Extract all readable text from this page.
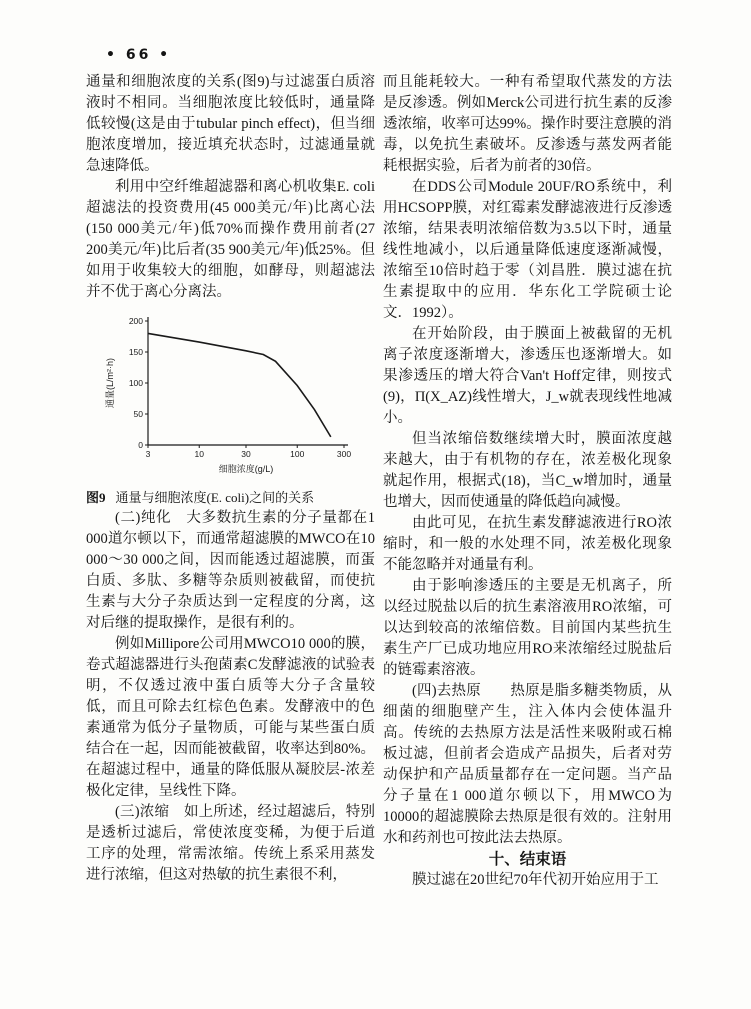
• 66 •

通量和细胞浓度的关系(图9)与过滤蛋白质溶液时不相同。当细胞浓度比较低时，通量降低较慢(这是由于tubular pinch effect)，但当细胞浓度增加，接近填充状态时，过滤通量就急速降低。

利用中空纤维超滤器和离心机收集E. coli超滤法的投资费用(45 000美元/年)比离心法(150 000美元/年)低70%而操作费用前者(27 200美元/年)比后者(35 900美元/年)低25%。但如用于收集较大的细胞，如酵母，则超滤法并不优于离心分离法。

0
50
100
150
200
3	10	30	100	300
通量(L/m²·h)
细胞浓度(g/L)

图9 通量与细胞浓度(E. coli)之间的关系

(二)纯化　大多数抗生素的分子量都在1 000道尔顿以下，而通常超滤膜的MWCO在10 000～30 000之间，因而能透过超滤膜，而蛋白质、多肽、多糖等杂质则被截留，而使抗生素与大分子杂质达到一定程度的分离，这对后继的提取操作，是很有利的。

例如Millipore公司用MWCO10 000的膜，卷式超滤器进行头孢菌素C发酵滤液的试验表明，不仅透过液中蛋白质等大分子含量较低，而且可除去红棕色色素。发酵液中的色素通常为低分子量物质，可能与某些蛋白质结合在一起，因而能被截留，收率达到80%。在超滤过程中，通量的降低服从凝胶层-浓差极化定律，呈线性下降。

(三)浓缩　如上所述，经过超滤后，特别是透析过滤后，常使浓度变稀，为便于后道工序的处理，常需浓缩。传统上系采用蒸发进行浓缩，但这对热敏的抗生素很不利，

而且能耗较大。一种有希望取代蒸发的方法是反渗透。例如Merck公司进行抗生素的反渗透浓缩，收率可达99%。操作时要注意膜的消毒，以免抗生素破坏。反渗透与蒸发两者能耗根据实验，后者为前者的30倍。

在DDS公司Module 20UF/RO系统中，利用HCSOPP膜，对红霉素发酵滤液进行反渗透浓缩，结果表明浓缩倍数为3.5以下时，通量线性地减小，以后通量降低速度逐渐减慢，浓缩至10倍时趋于零（刘昌胜．膜过滤在抗生素提取中的应用．华东化工学院硕士论文．1992）。

在开始阶段，由于膜面上被截留的无机离子浓度逐渐增大，渗透压也逐渐增大。如果渗透压的增大符合Van't Hoff定律，则按式(9)，Π(X_AZ)线性增大，J_w就表现线性地减小。

但当浓缩倍数继续增大时，膜面浓度越来越大，由于有机物的存在，浓差极化现象就起作用，根据式(18)，当C_w增加时，通量也增大，因而使通量的降低趋向减慢。

由此可见，在抗生素发酵滤液进行RO浓缩时，和一般的水处理不同，浓差极化现象不能忽略并对通量有利。

由于影响渗透压的主要是无机离子，所以经过脱盐以后的抗生素溶液用RO浓缩，可以达到较高的浓缩倍数。目前国内某些抗生素生产厂已成功地应用RO来浓缩经过脱盐后的链霉素溶液。

(四)去热原　　热原是脂多糖类物质，从细菌的细胞壁产生，注入体内会使体温升高。传统的去热原方法是活性来吸附或石棉板过滤，但前者会造成产品损失，后者对劳动保护和产品质量都存在一定问题。当产品分子量在1 000道尔顿以下，用MWCO为10000的超滤膜除去热原是很有效的。注射用水和药剂也可按此法去热原。

十、结束语

膜过滤在20世纪70年代初开始应用于工
